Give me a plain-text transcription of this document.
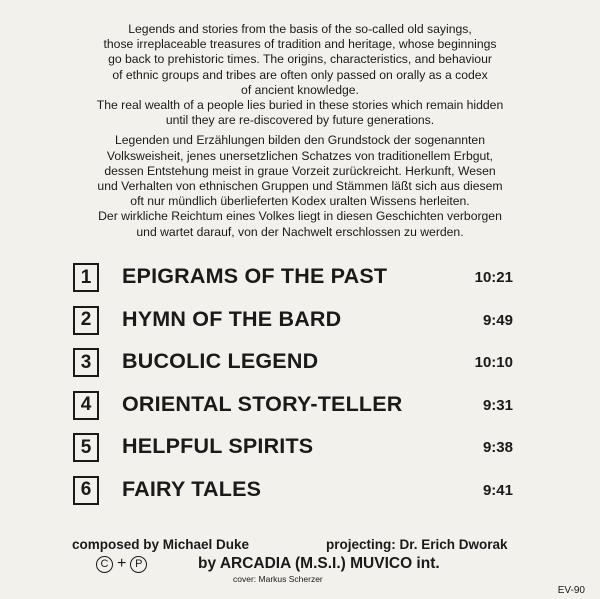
Legends and stories from the basis of the so-called old sayings,

those irreplaceable treasures of tradition and heritage, whose beginnings

go back to prehistoric times. The origins, characteristics, and behaviour

of ethnic groups and tribes are often only passed on orally as a codex

of ancient knowledge.

The real wealth of a people lies buried in these stories which remain hidden

until they are re-discovered by future generations.

Legenden und Erzählungen bilden den Grundstock der sogenannten

Volksweisheit, jenes unersetzlichen Schatzes von traditionellem Erbgut,

dessen Entstehung meist in graue Vorzeit zurückreicht. Herkunft, Wesen

und Verhalten von ethnischen Gruppen und Stämmen läßt sich aus diesem

oft nur mündlich überlieferten Kodex uralten Wissens herleiten.

Der wirkliche Reichtum eines Volkes liegt in diesen Geschichten verborgen

und wartet darauf, von der Nachwelt erschlossen zu werden.

1	EPIGRAMS OF THE PAST	10:21
2	HYMN OF THE BARD	9:49
3	BUCOLIC LEGEND	10:10
4	ORIENTAL STORY-TELLER	9:31
5	HELPFUL SPIRITS	9:38
6	FAIRY TALES	9:41
composed by Michael Duke	projecting: Dr. Erich Dworak
C + P	by ARCADIA (M.S.I.) MUVICO int.
cover: Markus Scherzer
EV-90
